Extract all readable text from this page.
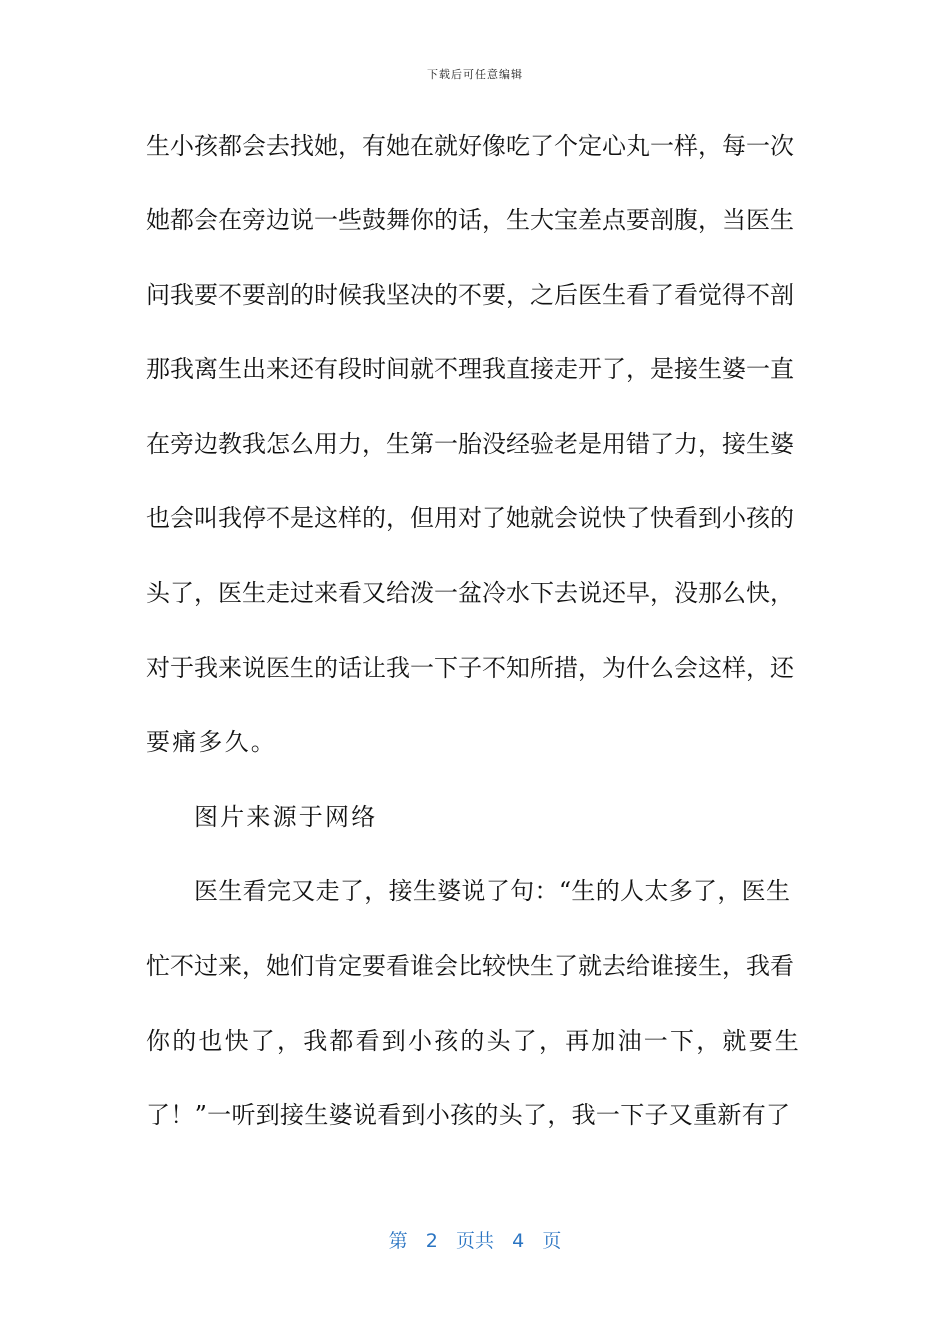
下载后可任意编辑
生小孩都会去找她，有她在就好像吃了个定心丸一样，每一次
她都会在旁边说一些鼓舞你的话，生大宝差点要剖腹，当医生
问我要不要剖的时候我坚决的不要，之后医生看了看觉得不剖
那我离生出来还有段时间就不理我直接走开了，是接生婆一直
在旁边教我怎么用力，生第一胎没经验老是用错了力，接生婆
也会叫我停不是这样的，但用对了她就会说快了快看到小孩的
头了，医生走过来看又给泼一盆冷水下去说还早，没那么快，
对于我来说医生的话让我一下子不知所措，为什么会这样，还
要痛多久。
图片来源于网络
医生看完又走了，接生婆说了句：“生的人太多了，医生
忙不过来，她们肯定要看谁会比较快生了就去给谁接生，我看
你的也快了，我都看到小孩的头了，再加油一下，就要生
了！”一听到接生婆说看到小孩的头了，我一下子又重新有了
第 2 页共 4 页
